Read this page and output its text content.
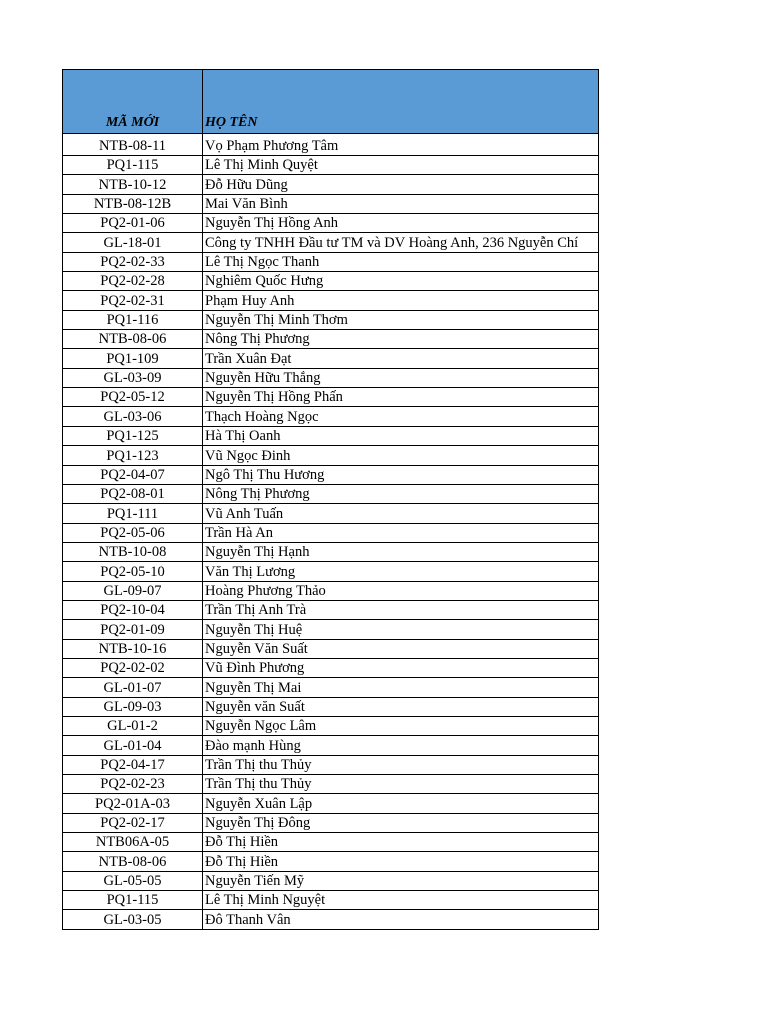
MÃ MỚI	HỌ TÊN
NTB-08-11	Vọ Phạm Phương Tâm
PQ1-115	Lê Thị Minh Quyệt
NTB-10-12	Đỗ Hữu Dũng
NTB-08-12B	Mai Văn Bình
PQ2-01-06	Nguyễn Thị Hồng Anh
GL-18-01	Công ty TNHH Đầu tư TM và DV Hoàng Anh, 236 Nguyễn Chí
PQ2-02-33	Lê Thị Ngọc Thanh
PQ2-02-28	Nghiêm Quốc Hưng
PQ2-02-31	Phạm Huy Anh
PQ1-116	Nguyễn Thị Minh Thơm
NTB-08-06	Nông Thị Phương
PQ1-109	Trần Xuân Đạt
GL-03-09	Nguyễn Hữu Thắng
PQ2-05-12	Nguyễn Thị Hồng Phấn
GL-03-06	Thạch Hoàng Ngọc
PQ1-125	Hà Thị Oanh
PQ1-123	Vũ Ngọc Đinh
PQ2-04-07	Ngô Thị Thu Hương
PQ2-08-01	Nông Thị Phương
PQ1-111	Vũ Anh Tuấn
PQ2-05-06	Trần Hà An
NTB-10-08	Nguyễn Thị Hạnh
PQ2-05-10	Văn Thị Lương
GL-09-07	Hoàng Phương Thảo
PQ2-10-04	Trần Thị Anh Trà
PQ2-01-09	Nguyễn Thị Huệ
NTB-10-16	Nguyễn Văn Suất
PQ2-02-02	Vũ Đình Phương
GL-01-07	Nguyễn Thị Mai
GL-09-03	Nguyễn văn Suất
GL-01-2	Nguyễn Ngọc Lâm
GL-01-04	Đào mạnh Hùng
PQ2-04-17	Trần Thị thu Thủy
PQ2-02-23	Trần Thị thu Thủy
PQ2-01A-03	Nguyễn Xuân Lập
PQ2-02-17	Nguyễn Thị Đông
NTB06A-05	Đỗ Thị Hiền
NTB-08-06	Đỗ Thị Hiền
GL-05-05	Nguyễn Tiến Mỹ
PQ1-115	Lê Thị Minh Nguyệt
GL-03-05	Đô Thanh Vân
